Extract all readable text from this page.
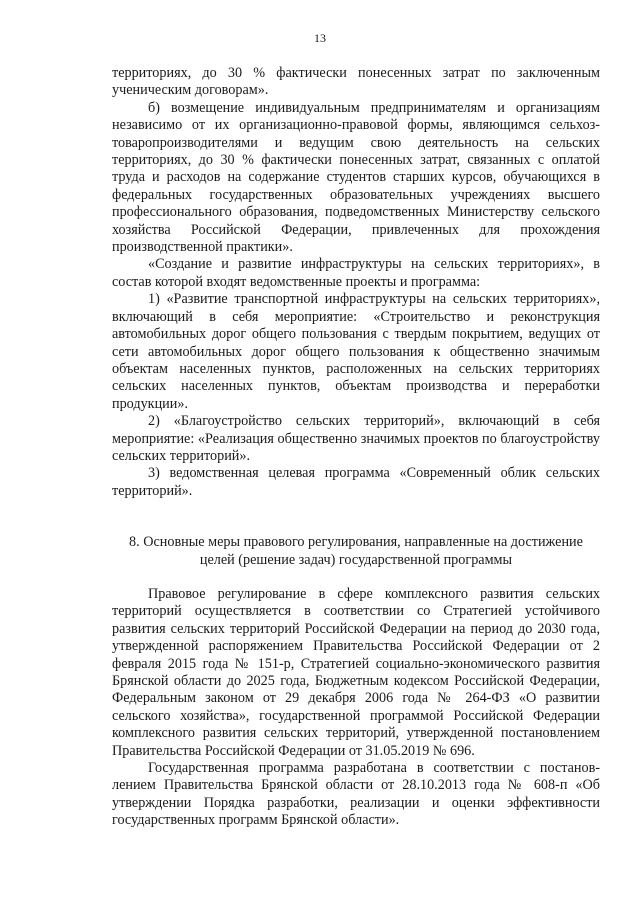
13

территориях, до 30 % фактически понесенных затрат по заключенным ученическим договорам».

б) возмещение индивидуальным предпринимателям и организациям независимо от их организационно-правовой формы, являющимся сельхоз-товаропроизводителями и ведущим свою деятельность на сельских территориях, до 30 % фактически понесенных затрат, связанных с оплатой труда и расходов на содержание студентов старших курсов, обучающихся в федеральных государственных образовательных учреждениях высшего профессионального образования, подведомственных Министерству сельского хозяйства Российской Федерации, привлеченных для прохождения производственной практики».

«Создание и развитие инфраструктуры на сельских территориях», в состав которой входят ведомственные проекты и программа:

1) «Развитие транспортной инфраструктуры на сельских территориях», включающий в себя мероприятие: «Строительство и реконструкция автомобильных дорог общего пользования с твердым покрытием, ведущих от сети автомобильных дорог общего пользования к общественно значимым объектам населенных пунктов, расположенных на сельских территориях сельских населенных пунктов, объектам производства и переработки продукции».

2) «Благоустройство сельских территорий», включающий в себя мероприятие: «Реализация общественно значимых проектов по благоустройству сельских территорий».

3) ведомственная целевая программа «Современный облик сельских территорий».

8. Основные меры правового регулирования, направленные на достижение
целей (решение задач) государственной программы

Правовое регулирование в сфере комплексного развития сельских территорий осуществляется в соответствии со Стратегией устойчивого развития сельских территорий Российской Федерации на период до 2030 года, утвержденной распоряжением Правительства Российской Федерации от 2 февраля 2015 года № 151-р, Стратегией социально-экономического развития Брянской области до 2025 года, Бюджетным кодексом Российской Федерации, Федеральным законом от 29 декабря 2006 года № 264-ФЗ «О развитии сельского хозяйства», государственной программой Российской Федерации комплексного развития сельских территорий, утвержденной постановлением Правительства Российской Федерации от 31.05.2019 № 696.

Государственная программа разработана в соответствии с постанов-лением Правительства Брянской области от 28.10.2013 года № 608-п «Об утверждении Порядка разработки, реализации и оценки эффективности государственных программ Брянской области».
